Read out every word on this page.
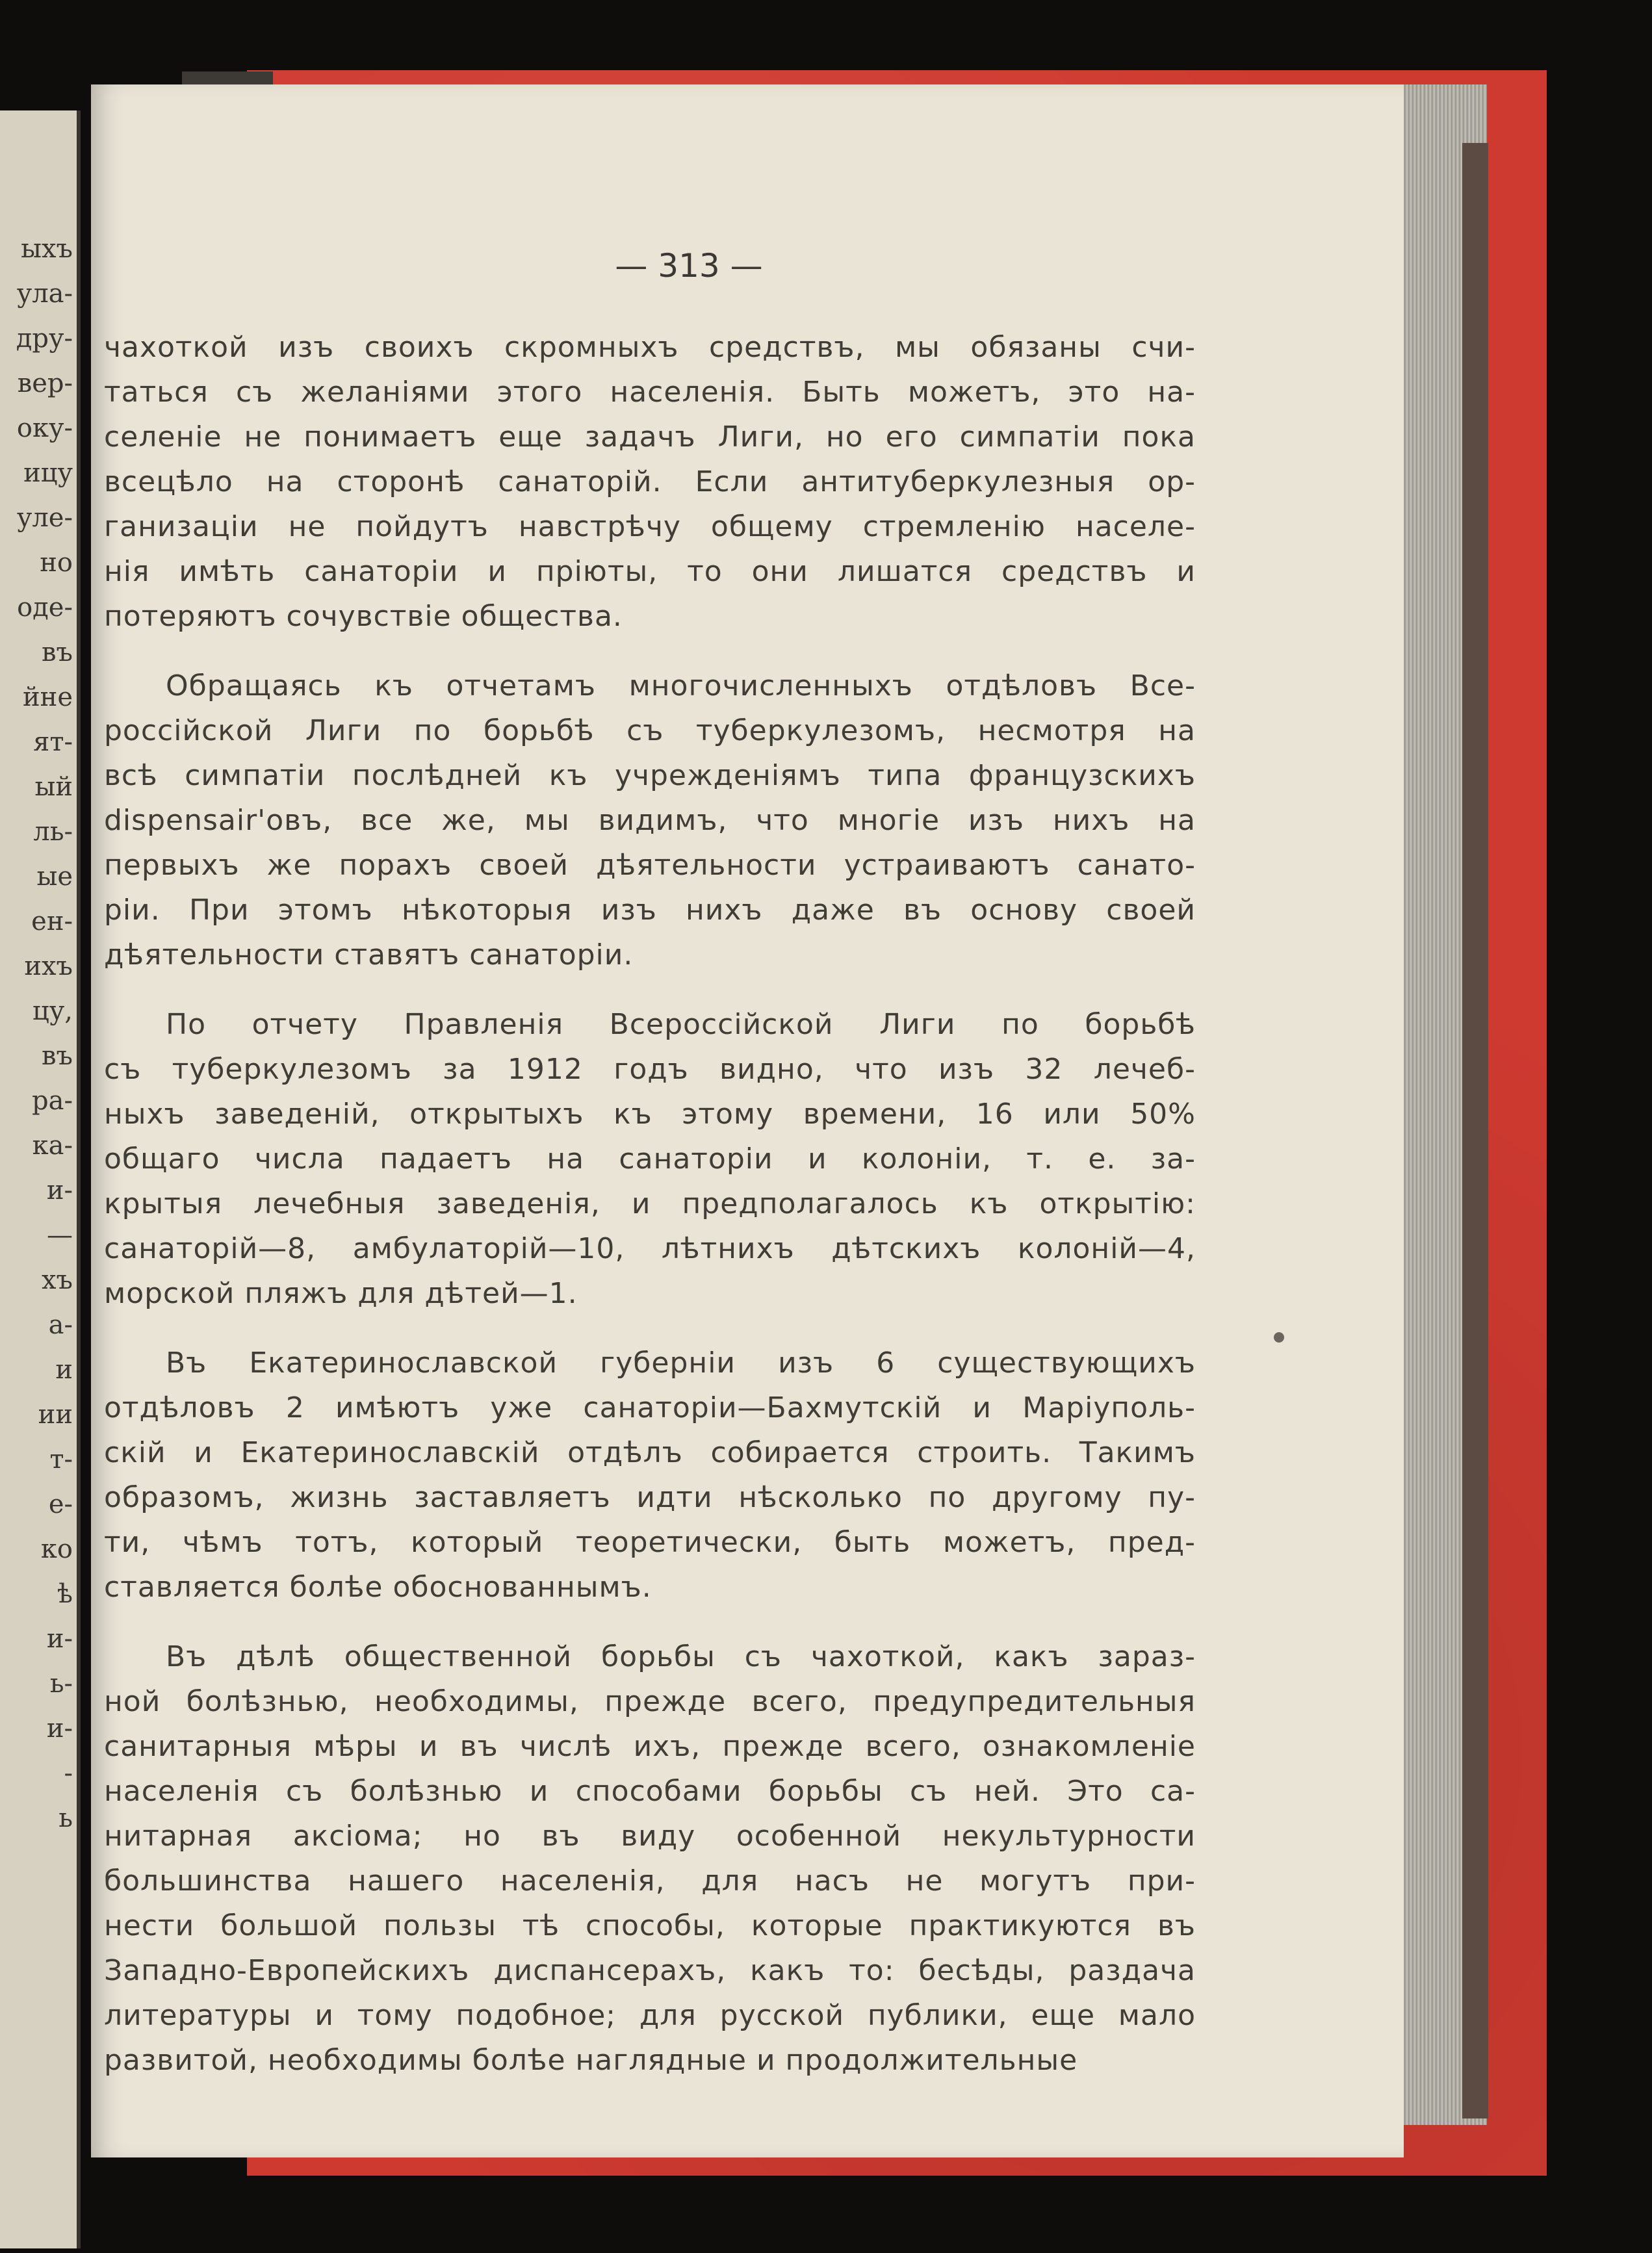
ыхъ
ула-
дру-
вер-
оку-
ицу
уле-
но
оде-
въ
йне
ят-
ый
ль-
ые
ен-
ихъ
цу,
въ
ра-
ка-
и-
—
хъ
а-
и
ии
т-
е-
ко
ѣ
и-
ь-
и-
-
ь
— 313 —
чахоткой изъ своихъ скромныхъ средствъ, мы обязаны счи-
таться съ желаніями этого населенія. Быть можетъ, это на-
селеніе не понимаетъ еще задачъ Лиги, но его симпатіи пока
всецѣло на сторонѣ санаторій. Если антитуберкулезныя ор-
ганизаціи не пойдутъ навстрѣчу общему стремленію населе-
нія имѣть санаторіи и пріюты, то они лишатся средствъ и
потеряютъ сочувствіе общества.
Обращаясь къ отчетамъ многочисленныхъ отдѣловъ Все-
россійской Лиги по борьбѣ съ туберкулезомъ, несмотря на
всѣ симпатіи послѣдней къ учрежденіямъ типа французскихъ
dispensair'овъ, все же, мы видимъ, что многіе изъ нихъ на
первыхъ же порахъ своей дѣятельности устраиваютъ санато-
ріи. При этомъ нѣкоторыя изъ нихъ даже въ основу своей
дѣятельности ставятъ санаторіи.
По отчету Правленія Всероссійской Лиги по борьбѣ
съ туберкулезомъ за 1912 годъ видно, что изъ 32 лечеб-
ныхъ заведеній, открытыхъ къ этому времени, 16 или 50%
общаго числа падаетъ на санаторіи и колоніи, т. е. за-
крытыя лечебныя заведенія, и предполагалось къ открытію:
санаторій—8, амбулаторій—10, лѣтнихъ дѣтскихъ колоній—4,
морской пляжъ для дѣтей—1.
Въ Екатеринославской губерніи изъ 6 существующихъ
отдѣловъ 2 имѣютъ уже санаторіи—Бахмутскій и Маріуполь-
скій и Екатеринославскій отдѣлъ собирается строить. Такимъ
образомъ, жизнь заставляетъ идти нѣсколько по другому пу-
ти, чѣмъ тотъ, который теоретически, быть можетъ, пред-
ставляется болѣе обоснованнымъ.
Въ дѣлѣ общественной борьбы съ чахоткой, какъ зараз-
ной болѣзнью, необходимы, прежде всего, предупредительныя
санитарныя мѣры и въ числѣ ихъ, прежде всего, ознакомленіе
населенія съ болѣзнью и способами борьбы съ ней. Это са-
нитарная аксіома; но въ виду особенной некультурности
большинства нашего населенія, для насъ не могутъ при-
нести большой пользы тѣ способы, которые практикуются въ
Западно-Европейскихъ диспансерахъ, какъ то: бесѣды, раздача
литературы и тому подобное; для русской публики, еще мало
развитой, необходимы болѣе наглядные и продолжительные
